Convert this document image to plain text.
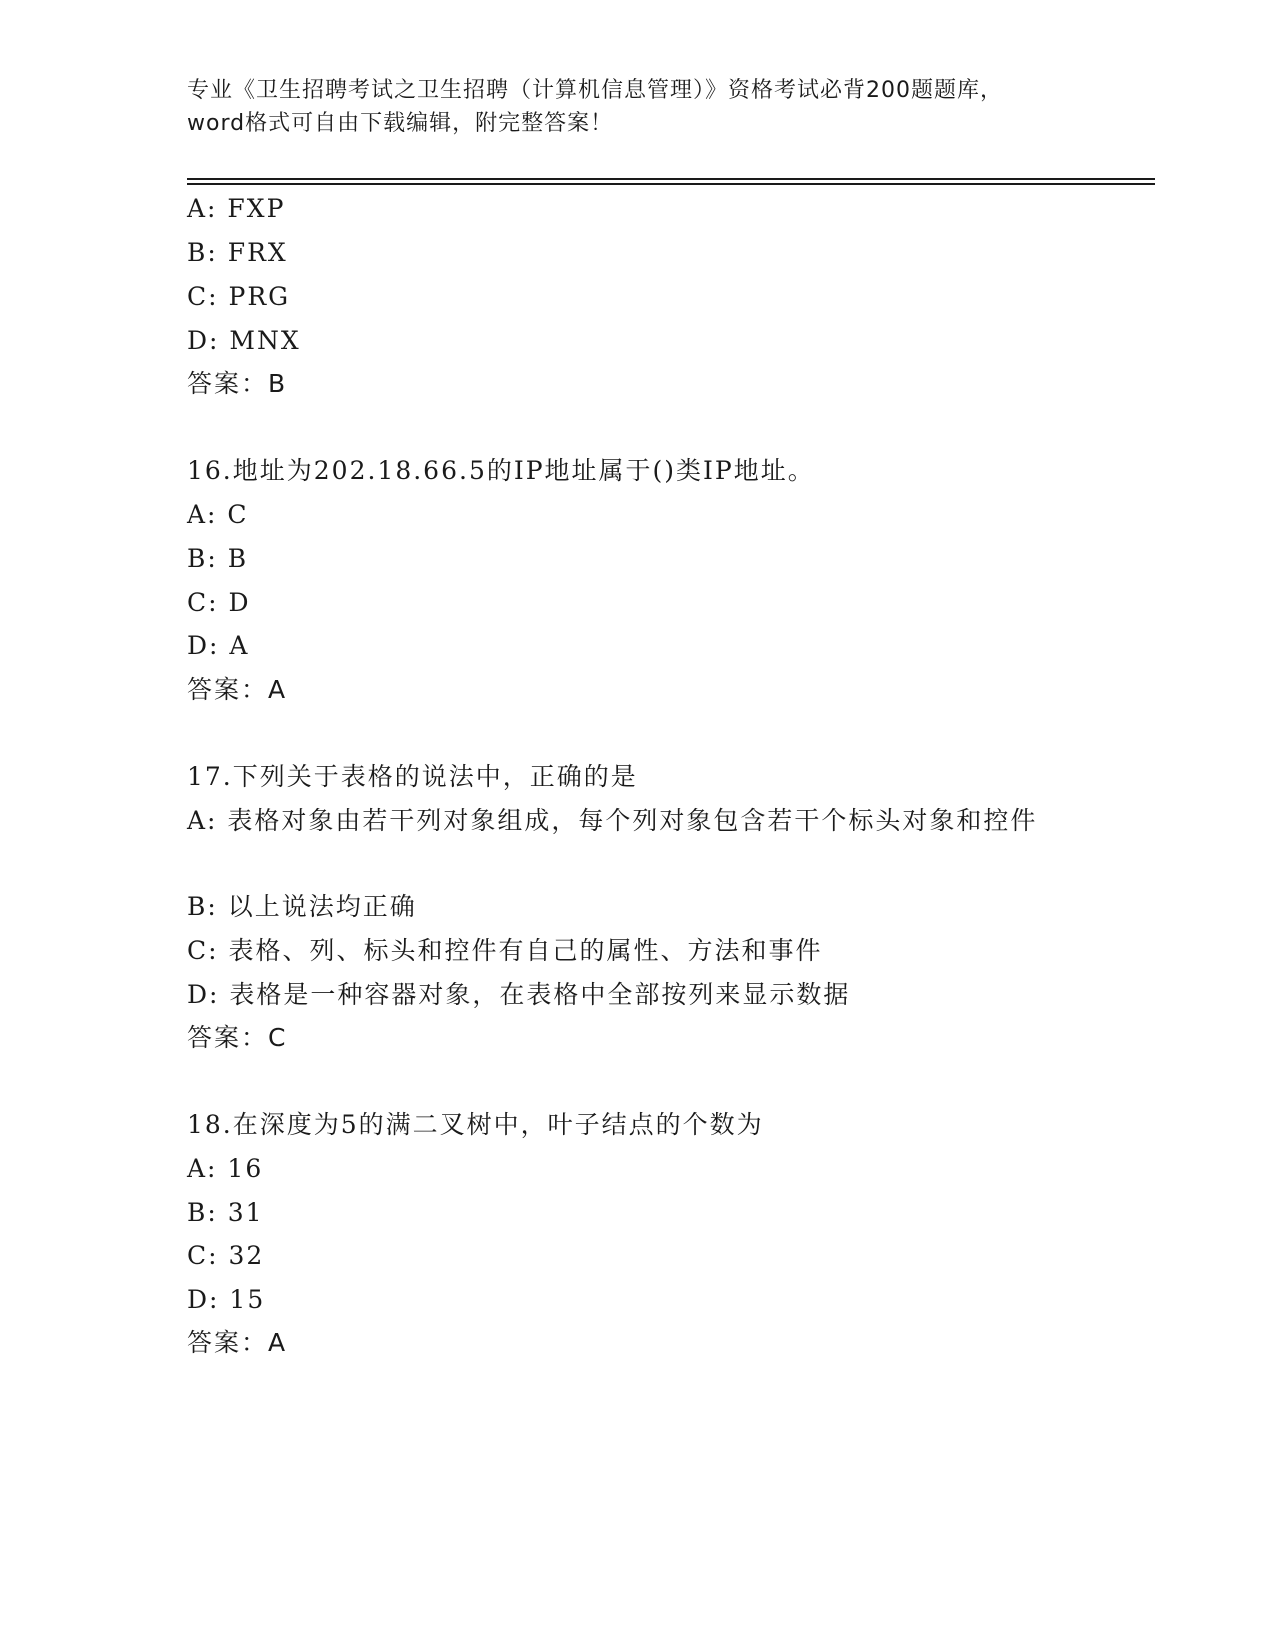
专业《卫生招聘考试之卫生招聘（计算机信息管理）》资格考试必背200题题库，
word格式可自由下载编辑，附完整答案！
A: FXP
B: FRX
C: PRG
D: MNX
答案：B
16.地址为202.18.66.5的IP地址属于()类IP地址。
A: C
B: B
C: D
D: A
答案：A
17.下列关于表格的说法中，正确的是
A: 表格对象由若干列对象组成，每个列对象包含若干个标头对象和控件
B: 以上说法均正确
C: 表格、列、标头和控件有自己的属性、方法和事件
D: 表格是一种容器对象，在表格中全部按列来显示数据
答案：C
18.在深度为5的满二叉树中，叶子结点的个数为
A: 16
B: 31
C: 32
D: 15
答案：A
